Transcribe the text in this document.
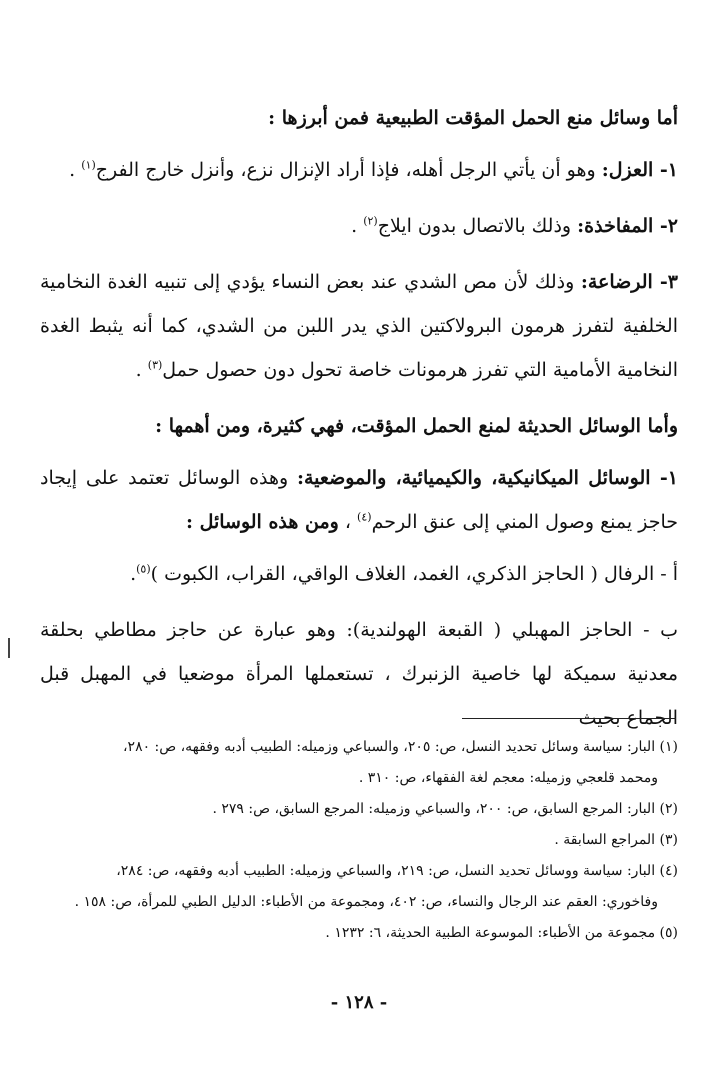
أما وسائل منع الحمل المؤقت الطبيعية فمن أبرزها :

١- العزل: وهو أن يأتي الرجل أهله، فإذا أراد الإنزال نزع، وأنزل خارج الفرج$^{(١)}$ .

٢- المفاخذة: وذلك بالاتصال بدون ايلاج$^{(٢)}$ .

٣- الرضاعة: وذلك لأن مص الشدي عند بعض النساء يؤدي إلى تنبيه الغدة النخامية الخلفية لتفرز هرمون البرولاكتين الذي يدر اللبن من الشدي، كما أنه يثبط الغدة النخامية الأمامية التي تفرز هرمونات خاصة تحول دون حصول حمل$^{(٣)}$ .

وأما الوسائل الحديثة لمنع الحمل المؤقت، فهي كثيرة، ومن أهمها :

١- الوسائل الميكانيكية، والكيميائية، والموضعية: وهذه الوسائل تعتمد على إيجاد حاجز يمنع وصول المني إلى عنق الرحم$^{(٤)}$ ، ومن هذه الوسائل :

أ - الرفال ( الحاجز الذكري، الغمد، الغلاف الواقي، القراب، الكبوت )$^{(٥)}$.

ب - الحاجز المهبلي ( القبعة الهولندية): وهو عبارة عن حاجز مطاطي بحلقة معدنية سميكة لها خاصية الزنبرك ، تستعملها المرأة موضعيا في المهبل قبل الجماع بحيث

(١) البار: سياسة وسائل تحديد النسل، ص: ٢٠٥، والسباعي وزميله: الطبيب أدبه وفقهه، ص: ٢٨٠،

ومحمد قلعجي وزميله: معجم لغة الفقهاء، ص: ٣١٠ .

(٢) البار: المرجع السابق، ص: ٢٠٠، والسباعي وزميله: المرجع السابق، ص: ٢٧٩ .

(٣) المراجع السابقة .

(٤) البار: سياسة ووسائل تحديد النسل، ص: ٢١٩، والسباعي وزميله: الطبيب أدبه وفقهه، ص: ٢٨٤،

وفاخوري: العقم عند الرجال والنساء، ص: ٤٠٢، ومجموعة من الأطباء: الدليل الطبي للمرأة، ص: ١٥٨ .

(٥) مجموعة من الأطباء: الموسوعة الطبية الحديثة، ٦: ١٢٣٢ .

- ١٢٨ -
